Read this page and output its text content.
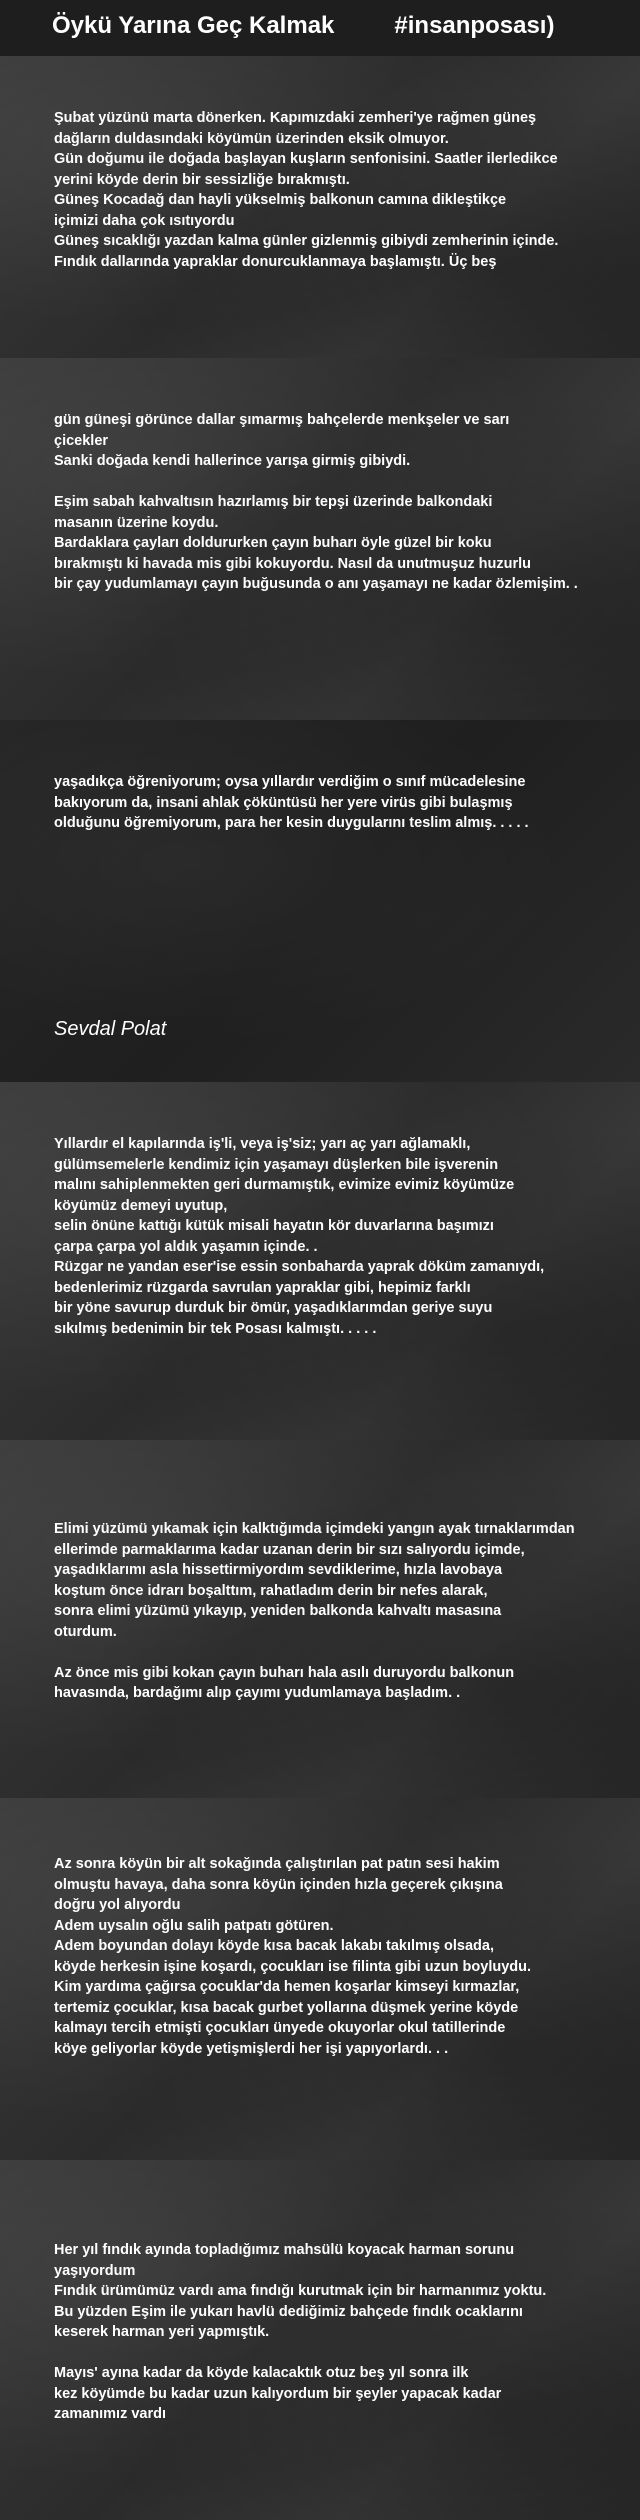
Öykü Yarına Geç Kalmak         #insanposası)
Şubat yüzünü marta dönerken. Kapımızdaki zemheri'ye rağmen güneş
dağların duldasındaki köyümün üzerinden eksik olmuyor.
Gün doğumu ile doğada başlayan kuşların senfonisini. Saatler ilerledikce
yerini köyde derin bir sessizliğe bırakmıştı.
Güneş Kocadağ dan hayli yükselmiş balkonun camına dikleştikçe
içimizi daha çok ısıtıyordu
Güneş sıcaklığı yazdan kalma günler gizlenmiş gibiydi zemherinin içinde.
Fındık dallarında yapraklar donurcuklanmaya başlamıştı. Üç beş
gün güneşi görünce dallar şımarmış bahçelerde menkşeler ve sarı
çicekler
Sanki doğada kendi hallerince yarışa girmiş gibiydi.
Eşim sabah kahvaltısın hazırlamış bir tepşi üzerinde balkondaki
masanın üzerine koydu.
Bardaklara çayları doldururken çayın buharı öyle güzel bir koku
bırakmıştı ki havada mis gibi kokuyordu. Nasıl da unutmuşuz huzurlu
bir çay yudumlamayı çayın buğusunda o anı yaşamayı ne kadar özlemişim. .
yaşadıkça öğreniyorum; oysa yıllardır verdiğim o sınıf mücadelesine
bakıyorum da, insani ahlak çöküntüsü her yere virüs gibi bulaşmış
olduğunu öğremiyorum, para her kesin duygularını teslim almış. . . . .
Sevdal Polat
Yıllardır el kapılarında iş'li, veya iş'siz; yarı aç yarı ağlamaklı,
gülümsemelerle kendimiz için yaşamayı düşlerken bile işverenin
malını sahiplenmekten geri durmamıştık, evimize evimiz köyümüze
köyümüz demeyi uyutup,
selin önüne kattığı kütük misali hayatın kör duvarlarına başımızı
çarpa çarpa yol aldık yaşamın içinde. .
Rüzgar ne yandan eser'ise essin sonbaharda yaprak döküm zamanıydı,
bedenlerimiz rüzgarda savrulan yapraklar gibi, hepimiz farklı
bir yöne savurup durduk bir ömür, yaşadıklarımdan geriye suyu
sıkılmış bedenimin bir tek Posası kalmıştı. . . . .
Elimi yüzümü yıkamak için kalktığımda içimdeki yangın ayak tırnaklarımdan
ellerimde parmaklarıma kadar uzanan derin bir sızı salıyordu içimde,
yaşadıklarımı asla hissettirmiyordım sevdiklerime, hızla lavobaya
koştum önce idrarı boşalttım, rahatladım derin bir nefes alarak,
sonra elimi yüzümü yıkayıp, yeniden balkonda kahvaltı masasına
oturdum.
Az önce mis gibi kokan çayın buharı hala asılı duruyordu balkonun
havasında, bardağımı alıp çayımı yudumlamaya başladım. .
Az sonra köyün bir alt sokağında çalıştırılan pat patın sesi hakim
olmuştu havaya, daha sonra köyün içinden hızla geçerek çıkışına
doğru yol alıyordu
Adem uysalın oğlu salih patpatı götüren.
Adem boyundan dolayı köyde kısa bacak lakabı takılmış olsada,
köyde herkesin işine koşardı, çocukları ise filinta gibi uzun boyluydu.
Kim yardıma çağırsa çocuklar'da hemen koşarlar kimseyi kırmazlar,
tertemiz çocuklar, kısa bacak gurbet yollarına düşmek yerine köyde
kalmayı tercih etmişti çocukları ünyede okuyorlar okul tatillerinde
köye geliyorlar köyde yetişmişlerdi her işi yapıyorlardı. . .
Her yıl fındık ayında topladığımız mahsülü koyacak harman sorunu
yaşıyordum
Fındık ürümümüz vardı ama fındığı kurutmak için bir harmanımız yoktu.
Bu yüzden Eşim ile yukarı havlü dediğimiz bahçede fındık ocaklarını
keserek harman yeri yapmıştık.
Mayıs' ayına kadar da köyde kalacaktık otuz beş yıl sonra ilk
kez köyümde bu kadar uzun kalıyordum bir şeyler yapacak kadar
zamanımız vardı
